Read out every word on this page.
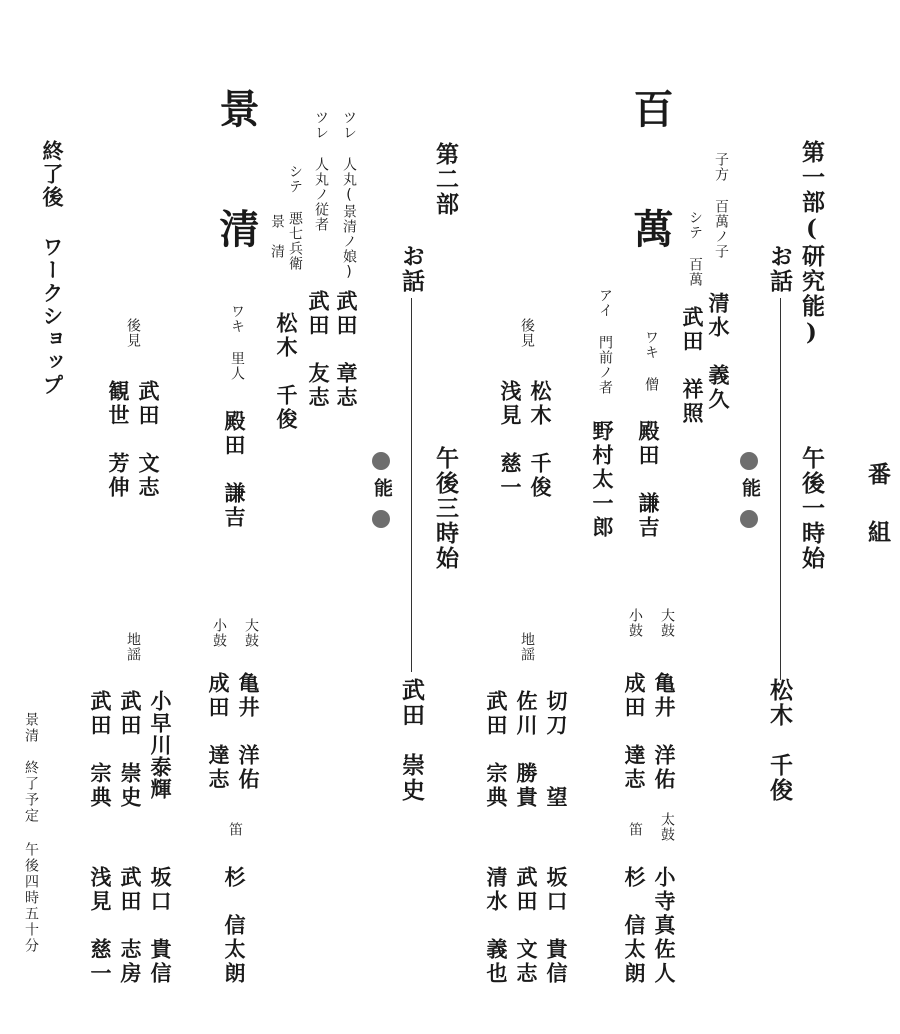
番　組
第一部(研究能)
お話
午後一時始
松木　千俊
能
百　萬	子方 百萬ノ子
清水　義久
シテ 百萬
武田　祥照
ワキ 僧
殿田　謙吉
アイ 門前ノ者
野村太一郎
後見
松木　千俊
浅見　慈一
大鼓
亀井　洋佑
小鼓
成田　達志
太鼓
小寺真佐人
笛
杉　信太朗
地謡
坂口　貴信
武田　文志
清水　義也
切刀　　望
佐川　勝貴
武田　宗典
第二部
お話
午後三時始
武田　崇史
能
景　清	ツレ 人丸(景清ノ娘)
武田　章志
ツレ 人丸ノ従者
武田　友志
シテ 悪七兵衛
景　清
松木　千俊
ワキ 里人
殿田　謙吉
後見
武田　文志
観世　芳伸
大鼓
亀井　洋佑
小鼓
成田　達志
笛
杉　信太朗
地謡
坂口　貴信
武田　志房
浅見　慈一
小早川泰輝
武田　崇史
武田　宗典
終了後 ワークショップ
景清　終了予定 午後四時五十分
